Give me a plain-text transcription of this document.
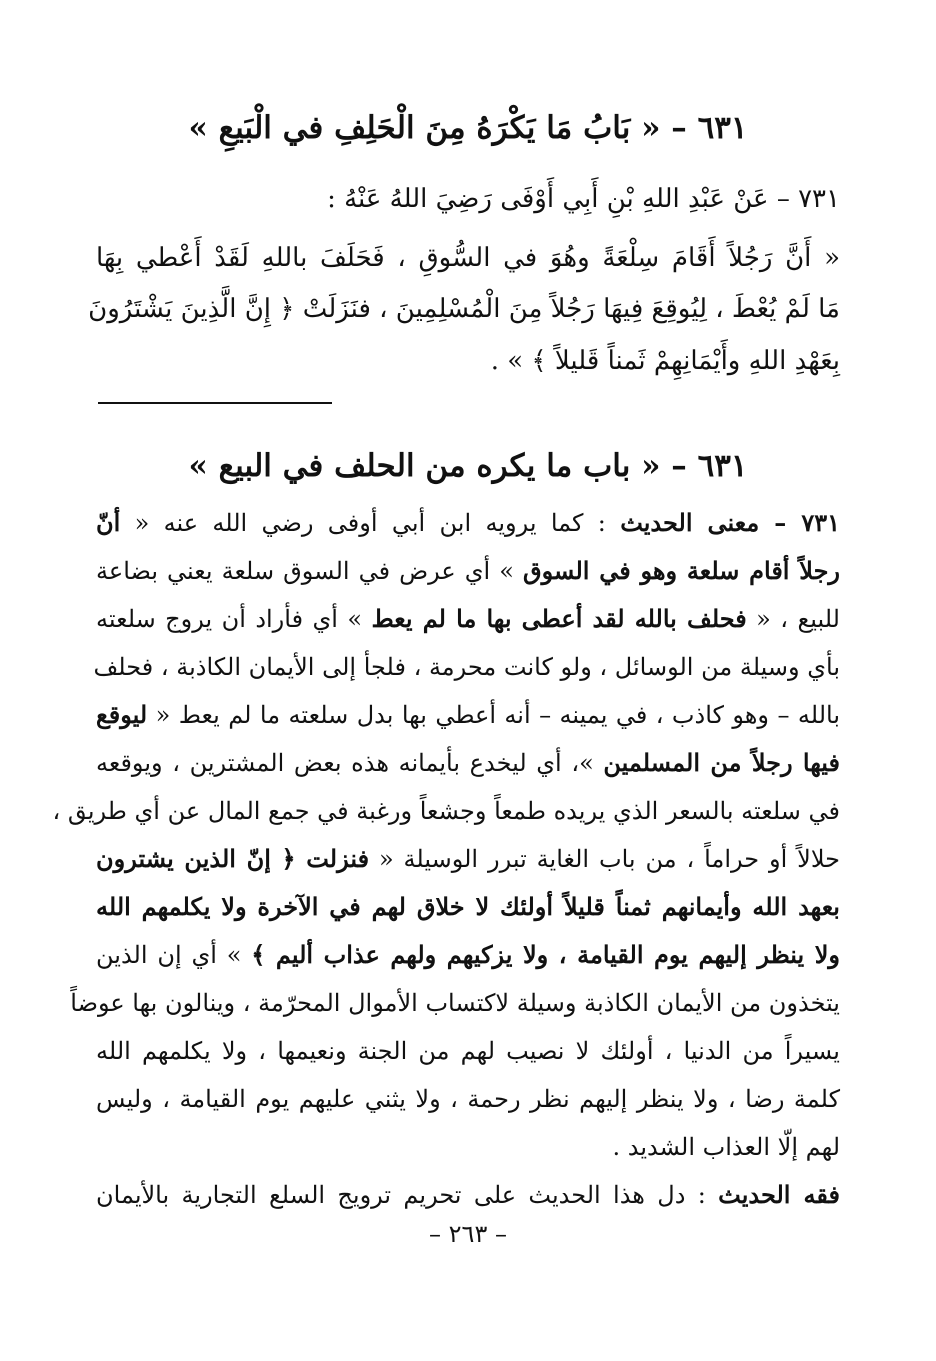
٦٣١ – « بَابُ مَا يَكْرَهُ مِنَ الْحَلِفِ في الْبَيعِ »
٧٣١ – عَنْ عَبْدِ اللهِ بْنِ أَبِي أَوْفَى رَضِيَ اللهُ عَنْهُ :
« أَنَّ رَجُلاً أَقَامَ سِلْعَةً وهُوَ في السُّوقِ ، فَحَلَفَ باللهِ لَقَدْ أَعْطي بِهَا
مَا لَمْ يُعْطَ ، لِيُوقِعَ فِيهَا رَجُلاً مِنَ الْمُسْلِمِينَ ، فنَزَلَتْ ﴿ إِنَّ الَّذِينَ يَشْتَرُونَ
بِعَهْدِ اللهِ وأَيْمَانِهِمْ ثَمناً قَليلاً ﴾ » .
٦٣١ – « باب ما يكره من الحلف في البيع »
٧٣١ – معنى الحديث : كما يرويه ابن أبي أوفى رضي الله عنه « أنّ
رجلاً أقام سلعة وهو في السوق » أي عرض في السوق سلعة يعني بضاعة
للبيع ، « فحلف بالله لقد أعطى بها ما لم يعط » أي فأراد أن يروج سلعته
بأي وسيلة من الوسائل ، ولو كانت محرمة ، فلجأ إلى الأيمان الكاذبة ، فحلف
بالله – وهو كاذب ، في يمينه – أنه أعطي بها بدل سلعته ما لم يعط « ليوقع
فيها رجلاً من المسلمين »، أي ليخدع بأيمانه هذه بعض المشترين ، ويوقعه
في سلعته بالسعر الذي يريده طمعاً وجشعاً ورغبة في جمع المال عن أي طريق ،
حلالاً أو حراماً ، من باب الغاية تبرر الوسيلة « فنزلت ﴿ إنّ الذين يشترون
بعهد الله وأيمانهم ثمناً قليلاً أولئك لا خلاق لهم في الآخرة ولا يكلمهم الله
ولا ينظر إليهم يوم القيامة ، ولا يزكيهم ولهم عذاب أليم ﴾ » أي إن الذين
يتخذون من الأيمان الكاذبة وسيلة لاكتساب الأموال المحرّمة ، وينالون بها عوضاً
يسيراً من الدنيا ، أولئك لا نصيب لهم من الجنة ونعيمها ، ولا يكلمهم الله
كلمة رضا ، ولا ينظر إليهم نظر رحمة ، ولا يثني عليهم يوم القيامة ، وليس
لهم إلّا العذاب الشديد .
فقه الحديث : دل هذا الحديث على تحريم ترويج السلع التجارية بالأيمان
– ٢٦٣ –
